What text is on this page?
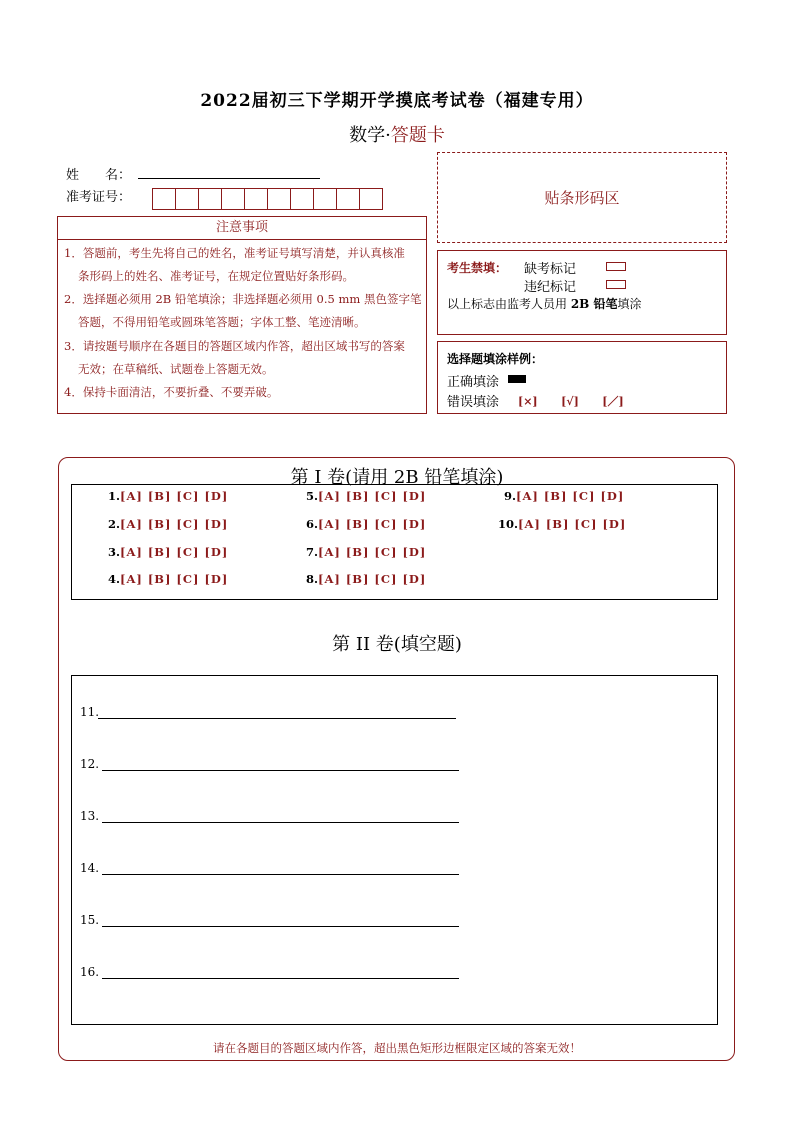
2022届初三下学期开学摸底考试卷（福建专用）
数学·答题卡
姓　　名：
准考证号：	贴条形码区
注意事项
1．答题前，考生先将自己的姓名，准考证号填写清楚，并认真核准
条形码上的姓名、准考证号，在规定位置贴好条形码。
2．选择题必须用 2B 铅笔填涂；非选择题必须用 0.5 mm 黑色签字笔
答题，不得用铅笔或圆珠笔答题；字体工整、笔迹清晰。
3．请按题号顺序在各题目的答题区域内作答，超出区域书写的答案
无效；在草稿纸、试题卷上答题无效。
4．保持卡面清洁，不要折叠、不要弄破。
考生禁填： 缺考标记
违纪标记
以上标志由监考人员用 2B 铅笔填涂
选择题填涂样例：
正确填涂
错误填涂 [×] [√] [／]
第 I 卷(请用 2B 铅笔填涂)
1.[A] [B] [C] [D]
2.[A] [B] [C] [D]
3.[A] [B] [C] [D]
4.[A] [B] [C] [D]
5.[A] [B] [C] [D]
6.[A] [B] [C] [D]
7.[A] [B] [C] [D]
8.[A] [B] [C] [D]
9.[A] [B] [C] [D]
10.[A] [B] [C] [D]
第 II 卷(填空题)
11.
12.
13.
14.
15.
16.
请在各题目的答题区域内作答，超出黑色矩形边框限定区域的答案无效！
